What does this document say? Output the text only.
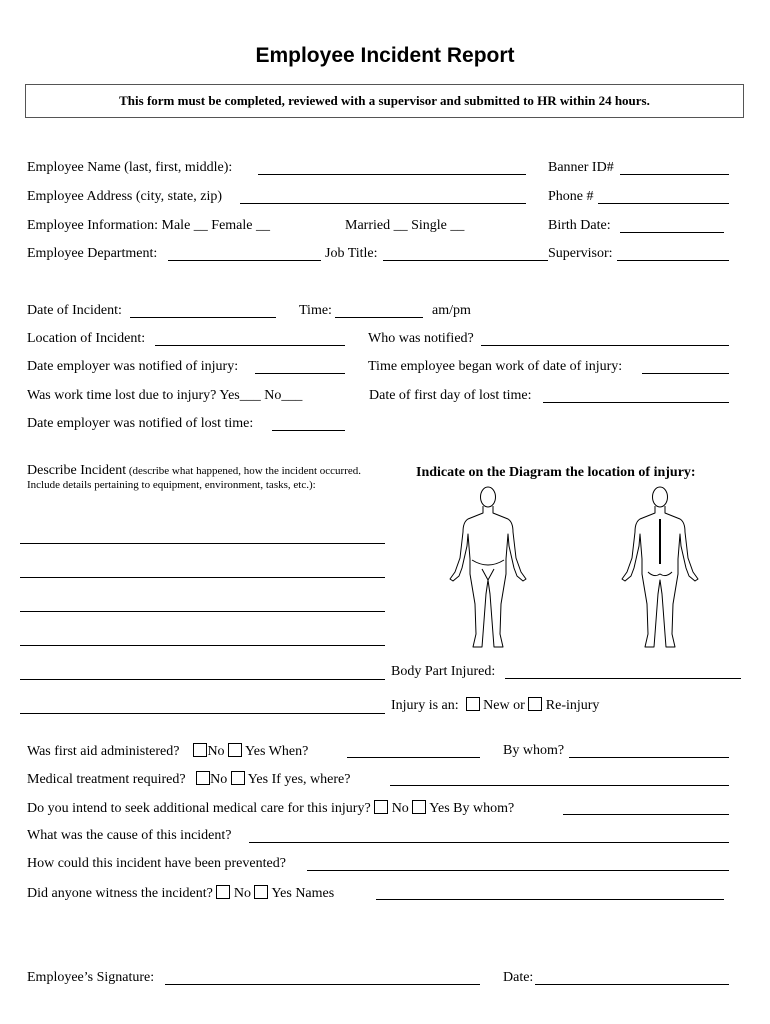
Employee Incident Report
This form must be completed, reviewed with a supervisor and submitted to HR within 24 hours.
Employee Name (last, first, middle):	Banner ID#
Employee Address (city, state, zip)	Phone #
Employee Information: Male __ Female __	Married __ Single __	Birth Date:
Employee Department:	Job Title:	Supervisor:
Date of Incident:	Time:	am/pm
Location of Incident:	Who was notified?
Date employer was notified of injury:	Time employee began work of date of injury:
Was work time lost due to injury? Yes___ No___	Date of first day of lost time:
Date employer was notified of lost time:
Describe Incident (describe what happened, how the incident occurred. Include details pertaining to equipment, environment, tasks, etc.):
Indicate on the Diagram the location of injury:
Body Part Injured:
Injury is an: New or Re-injury
Was first aid administered? No Yes When?	By whom?
Medical treatment required? No Yes If yes, where?
Do you intend to seek additional medical care for this injury? No Yes By whom?
What was the cause of this incident?
How could this incident have been prevented?
Did anyone witness the incident? No Yes Names
Employee’s Signature:	Date:
